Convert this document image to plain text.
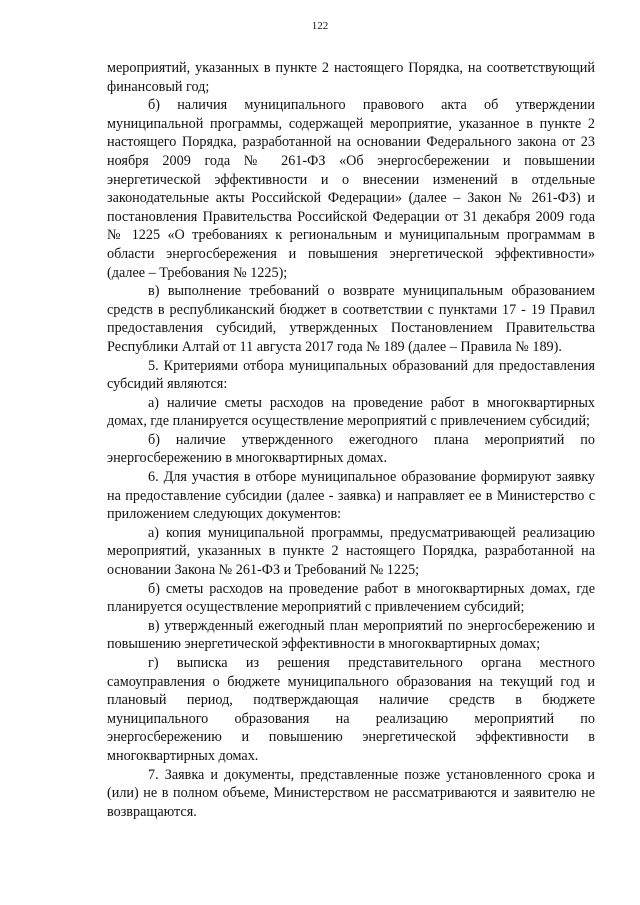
122

мероприятий, указанных в пункте 2 настоящего Порядка, на соответствующий финансовый год;

б) наличия муниципального правового акта об утверждении муниципальной программы, содержащей мероприятие, указанное в пункте 2 настоящего Порядка, разработанной на основании Федерального закона от 23 ноября 2009 года № 261-ФЗ «Об энергосбережении и повышении энергетической эффективности и о внесении изменений в отдельные законодательные акты Российской Федерации» (далее – Закон № 261-ФЗ) и постановления Правительства Российской Федерации от 31 декабря 2009 года № 1225 «О требованиях к региональным и муниципальным программам в области энергосбережения и повышения энергетической эффективности» (далее – Требования № 1225);

в) выполнение требований о возврате муниципальным образованием средств в республиканский бюджет в соответствии с пунктами 17 - 19 Правил предоставления субсидий, утвержденных Постановлением Правительства Республики Алтай от 11 августа 2017 года № 189 (далее – Правила № 189).

5. Критериями отбора муниципальных образований для предоставления субсидий являются:

а) наличие сметы расходов на проведение работ в многоквартирных домах, где планируется осуществление мероприятий с привлечением субсидий;

б) наличие утвержденного ежегодного плана мероприятий по энергосбережению в многоквартирных домах.

6. Для участия в отборе муниципальное образование формируют заявку на предоставление субсидии (далее - заявка) и направляет ее в Министерство с приложением следующих документов:

а) копия муниципальной программы, предусматривающей реализацию мероприятий, указанных в пункте 2 настоящего Порядка, разработанной на основании Закона № 261-ФЗ и Требований № 1225;

б) сметы расходов на проведение работ в многоквартирных домах, где планируется осуществление мероприятий с привлечением субсидий;

в) утвержденный ежегодный план мероприятий по энергосбережению и повышению энергетической эффективности в многоквартирных домах;

г) выписка из решения представительного органа местного самоуправления о бюджете муниципального образования на текущий год и плановый период, подтверждающая наличие средств в бюджете муниципального образования на реализацию мероприятий по энергосбережению и повышению энергетической эффективности в многоквартирных домах.

7. Заявка и документы, представленные позже установленного срока и (или) не в полном объеме, Министерством не рассматриваются и заявителю не возвращаются.
